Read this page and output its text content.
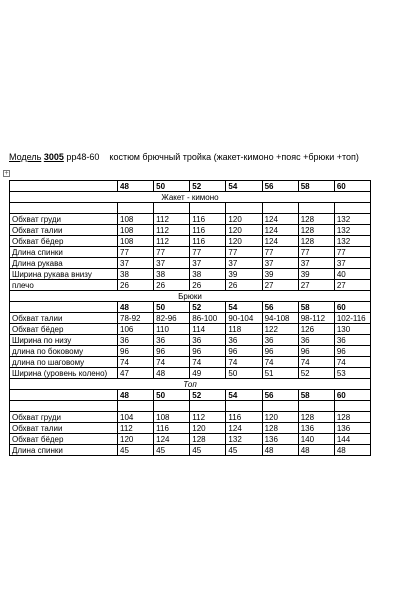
Модель 3005 рр48-60 костюм брючный тройка (жакет-кимоно +пояс +брюки +топ)
+
	48	50	52	54	56	58	60
Жакет - кимоно							

Обхват груди	108	112	116	120	124	128	132
Обхват талии	108	112	116	120	124	128	132
Обхват бёдер	108	112	116	120	124	128	132
Длина спинки	77	77	77	77	77	77	77
Длина рукава	37	37	37	37	37	37	37
Ширина рукава внизу	38	38	38	39	39	39	40
плечо	26	26	26	26	27	27	27
Брюки							
	48	50	52	54	56	58	60
Обхват талии	78-92	82-96	86-100	90-104	94-108	98-112	102-116
Обхват бёдер	106	110	114	118	122	126	130
Ширина по низу	36	36	36	36	36	36	36
длина по боковому	96	96	96	96	96	96	96
длина по шаговому	74	74	74	74	74	74	74
Ширина (уровень колено)	47	48	49	50	51	52	53
Топ							
	48	50	52	54	56	58	60

Обхват груди	104	108	112	116	120	128	128
Обхват талии	112	116	120	124	128	136	136
Обхват бёдер	120	124	128	132	136	140	144
Длина спинки	45	45	45	45	48	48	48
